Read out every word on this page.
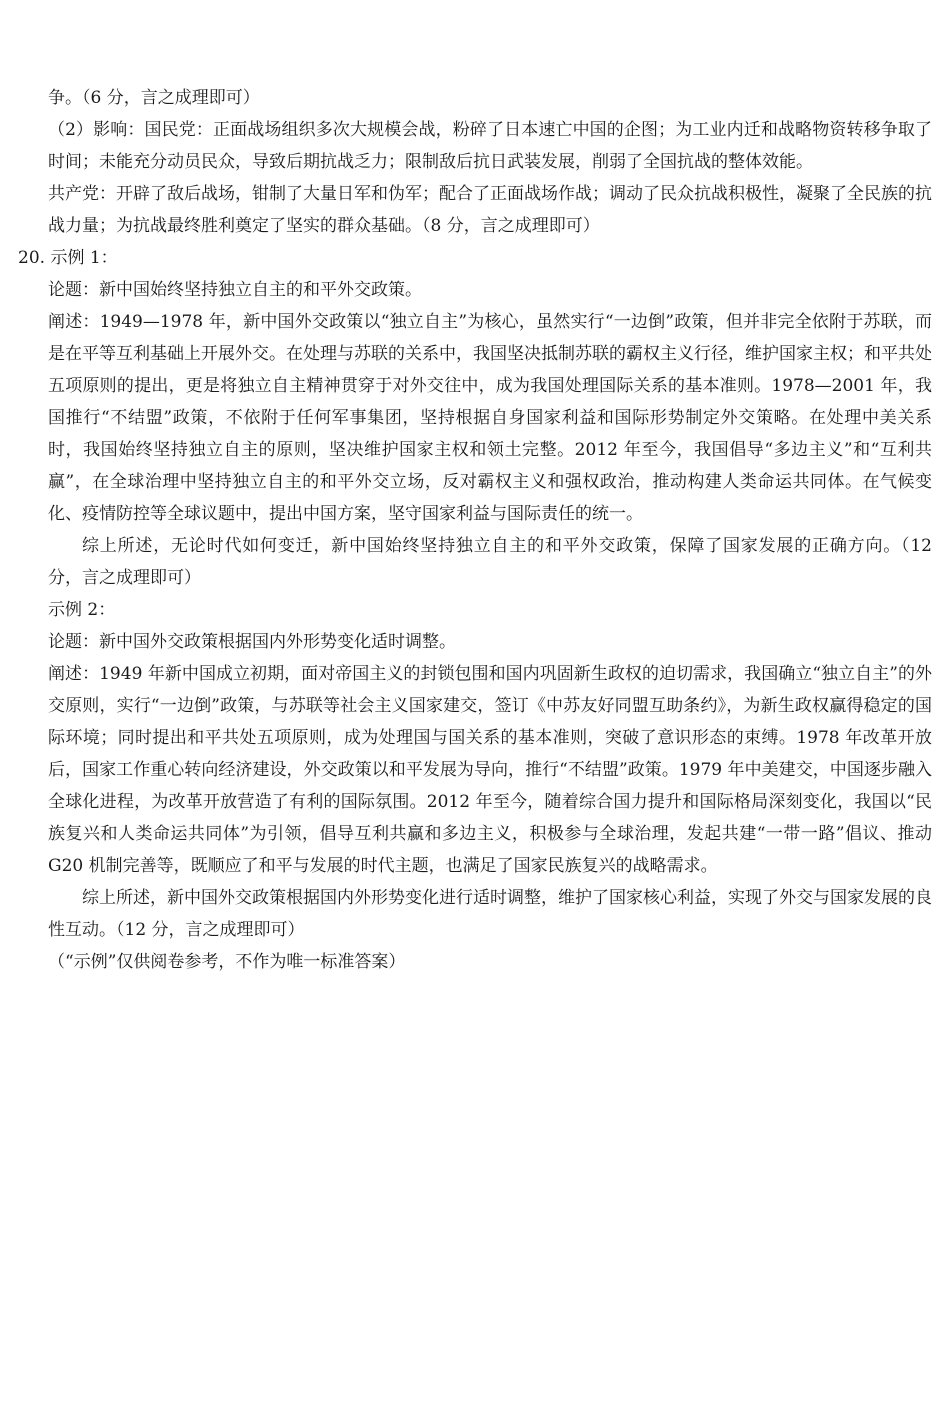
争。（6 分，言之成理即可）

（2）影响：国民党：正面战场组织多次大规模会战，粉碎了日本速亡中国的企图；为工业内迁和战略物资转移争取了时间；未能充分动员民众，导致后期抗战乏力；限制敌后抗日武装发展，削弱了全国抗战的整体效能。

共产党：开辟了敌后战场，钳制了大量日军和伪军；配合了正面战场作战；调动了民众抗战积极性，凝聚了全民族的抗战力量；为抗战最终胜利奠定了坚实的群众基础。（8 分，言之成理即可）

20. 示例 1：

论题：新中国始终坚持独立自主的和平外交政策。

阐述：1949—1978 年，新中国外交政策以“独立自主”为核心，虽然实行“一边倒”政策，但并非完全依附于苏联，而是在平等互利基础上开展外交。在处理与苏联的关系中，我国坚决抵制苏联的霸权主义行径，维护国家主权；和平共处五项原则的提出，更是将独立自主精神贯穿于对外交往中，成为我国处理国际关系的基本准则。1978—2001 年，我国推行“不结盟”政策，不依附于任何军事集团，坚持根据自身国家利益和国际形势制定外交策略。在处理中美关系时，我国始终坚持独立自主的原则，坚决维护国家主权和领土完整。2012 年至今，我国倡导“多边主义”和“互利共赢”，在全球治理中坚持独立自主的和平外交立场，反对霸权主义和强权政治，推动构建人类命运共同体。在气候变化、疫情防控等全球议题中，提出中国方案，坚守国家利益与国际责任的统一。

综上所述，无论时代如何变迁，新中国始终坚持独立自主的和平外交政策，保障了国家发展的正确方向。（12 分，言之成理即可）

示例 2：

论题：新中国外交政策根据国内外形势变化适时调整。

阐述：1949 年新中国成立初期，面对帝国主义的封锁包围和国内巩固新生政权的迫切需求，我国确立“独立自主”的外交原则，实行“一边倒”政策，与苏联等社会主义国家建交，签订《中苏友好同盟互助条约》，为新生政权赢得稳定的国际环境；同时提出和平共处五项原则，成为处理国与国关系的基本准则，突破了意识形态的束缚。1978 年改革开放后，国家工作重心转向经济建设，外交政策以和平发展为导向，推行“不结盟”政策。1979 年中美建交，中国逐步融入全球化进程，为改革开放营造了有利的国际氛围。2012 年至今，随着综合国力提升和国际格局深刻变化，我国以“民族复兴和人类命运共同体”为引领，倡导互利共赢和多边主义，积极参与全球治理，发起共建“一带一路”倡议、推动 G20 机制完善等，既顺应了和平与发展的时代主题，也满足了国家民族复兴的战略需求。

综上所述，新中国外交政策根据国内外形势变化进行适时调整，维护了国家核心利益，实现了外交与国家发展的良性互动。（12 分，言之成理即可）

（“示例”仅供阅卷参考，不作为唯一标准答案）
